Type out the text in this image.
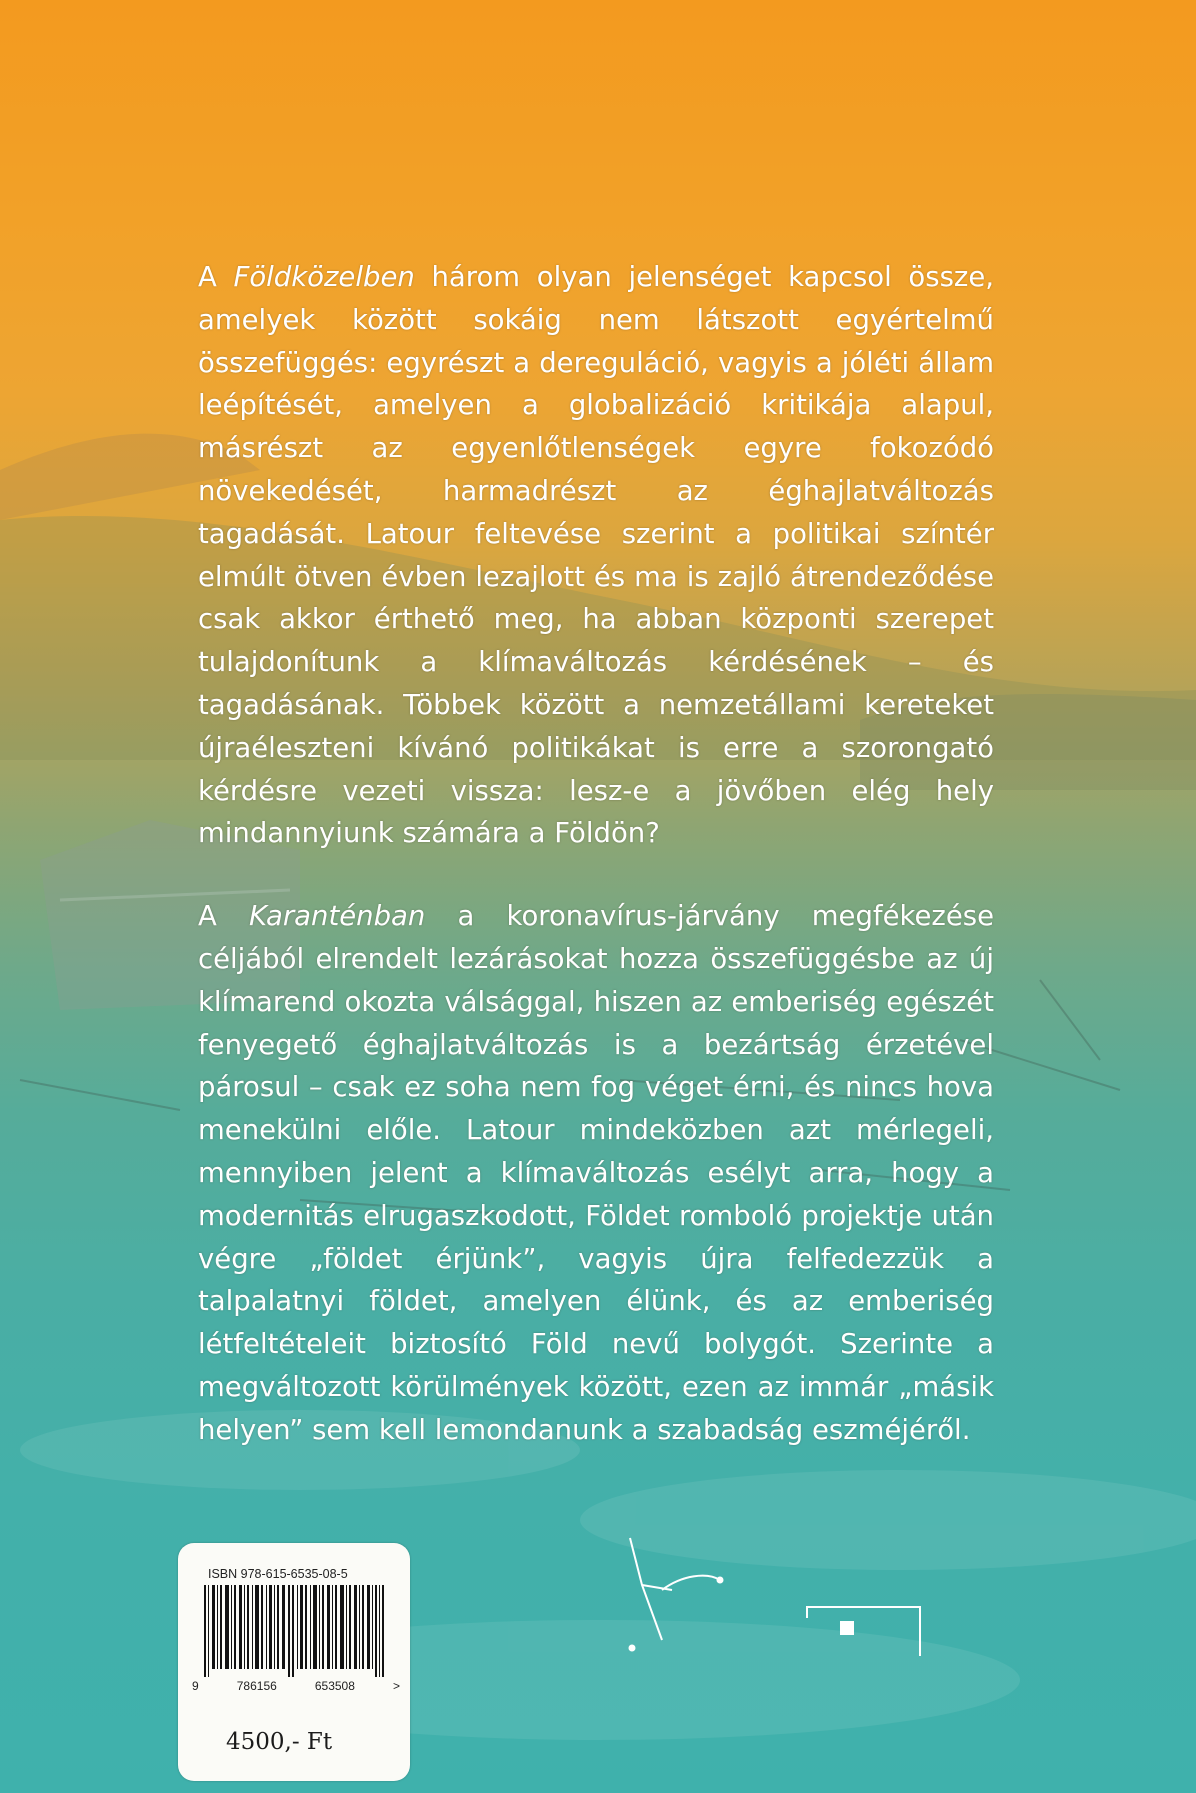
A Földközelben három olyan jelenséget kapcsol össze, amelyek között sokáig nem látszott egyértelmű összefüggés: egyrészt a dereguláció, vagyis a jóléti állam leépítését, amelyen a globalizáció kritikája alapul, másrészt az egyenlőtlenségek egyre fokozódó növekedését, harmadrészt az éghajlatváltozás tagadását. Latour feltevése szerint a politikai színtér elmúlt ötven évben lezajlott és ma is zajló átrendeződése csak akkor érthető meg, ha abban központi szerepet tulajdonítunk a klímaváltozás kérdésének – és tagadásának. Többek között a nemzetállami kereteket újraéleszteni kívánó politikákat is erre a szorongató kérdésre vezeti vissza: lesz-e a jövőben elég hely mindannyiunk számára a Földön?

A Karanténban a koronavírus-járvány megfékezése céljából elrendelt lezárásokat hozza összefüggésbe az új klímarend okozta válsággal, hiszen az emberiség egészét fenyegető éghajlatváltozás is a bezártság érzetével párosul – csak ez soha nem fog véget érni, és nincs hova menekülni előle. Latour mindeközben azt mérlegeli, mennyiben jelent a klímaváltozás esélyt arra, hogy a modernitás elrugaszkodott, Földet romboló projektje után végre „földet érjünk”, vagyis újra felfedezzük a talpalatnyi földet, amelyen élünk, és az emberiség létfeltételeit biztosító Föld nevű bolygót. Szerinte a megváltozott körülmények között, ezen az immár „másik helyen” sem kell lemondanunk a szabadság eszméjéről.

ISBN 978-615-6535-08-5
9	786156	653508	>
4500,- Ft
